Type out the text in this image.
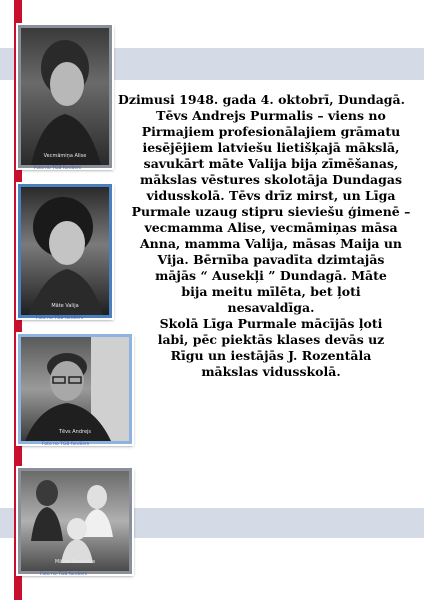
Vecmāmiņa Alise
Foto no TGB fondiem
Māte Valija
Foto no TGB fondiem
Tēvs Andrejs
Foto no TGB fondiem
Māsas Purmales
Foto no TGB fondiem
Dzimusi 1948. gada 4. oktobrī, Dundagā.
Tēvs Andrejs Purmalis – viens no
Pirmajiem profesionālajiem grāmatu
iesējējiem latviešu lietišķajā mākslā,
savukārt māte Valija bija zīmēšanas,
mākslas vēstures skolotāja Dundagas
vidusskolā. Tēvs drīz mirst, un Līga
Purmale uzaug stipru sieviešu ģimenē –
vecmamma Alise, vecmāmiņas māsa
Anna, mamma Valija, māsas Maija un
Vija. Bērnība pavadīta dzimtajās
mājās “ Ausekļi ” Dundagā. Māte
bija meitu mīlēta, bet ļoti
nesavaldīga.
Skolā Līga Purmale mācījās ļoti
labi, pēc piektās klases devās uz
Rīgu un iestājās J. Rozentāla
mākslas vidusskolā.
